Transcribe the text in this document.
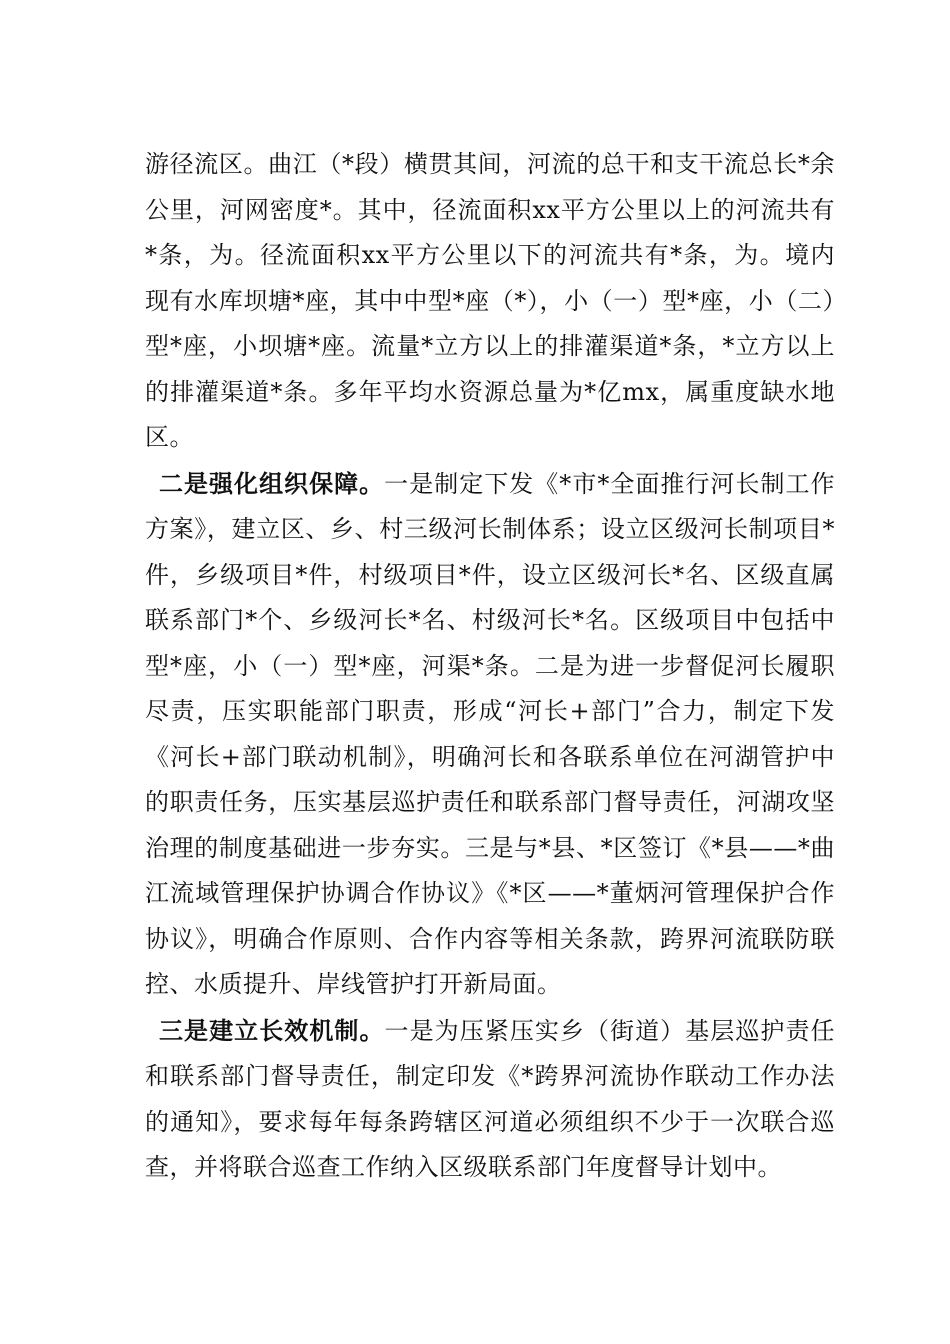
游径流区。曲江（*段）横贯其间，河流的总干和支干流总长*余公里，河网密度*。其中，径流面积xx平方公里以上的河流共有*条，为。径流面积xx平方公里以下的河流共有*条，为。境内现有水库坝塘*座，其中中型*座（*），小（一）型*座，小（二）型*座，小坝塘*座。流量*立方以上的排灌渠道*条，*立方以上的排灌渠道*条。多年平均水资源总量为*亿mx，属重度缺水地区。

二是强化组织保障。一是制定下发《*市*全面推行河长制工作方案》，建立区、乡、村三级河长制体系；设立区级河长制项目*件，乡级项目*件，村级项目*件，设立区级河长*名、区级直属联系部门*个、乡级河长*名、村级河长*名。区级项目中包括中型*座，小（一）型*座，河渠*条。二是为进一步督促河长履职尽责，压实职能部门职责，形成“河长+部门”合力，制定下发《河长+部门联动机制》，明确河长和各联系单位在河湖管护中的职责任务，压实基层巡护责任和联系部门督导责任，河湖攻坚治理的制度基础进一步夯实。三是与*县、*区签订《*县——*曲江流域管理保护协调合作协议》《*区——*董炳河管理保护合作协议》，明确合作原则、合作内容等相关条款，跨界河流联防联控、水质提升、岸线管护打开新局面。

三是建立长效机制。一是为压紧压实乡（街道）基层巡护责任和联系部门督导责任，制定印发《*跨界河流协作联动工作办法的通知》，要求每年每条跨辖区河道必须组织不少于一次联合巡查，并将联合巡查工作纳入区级联系部门年度督导计划中。
